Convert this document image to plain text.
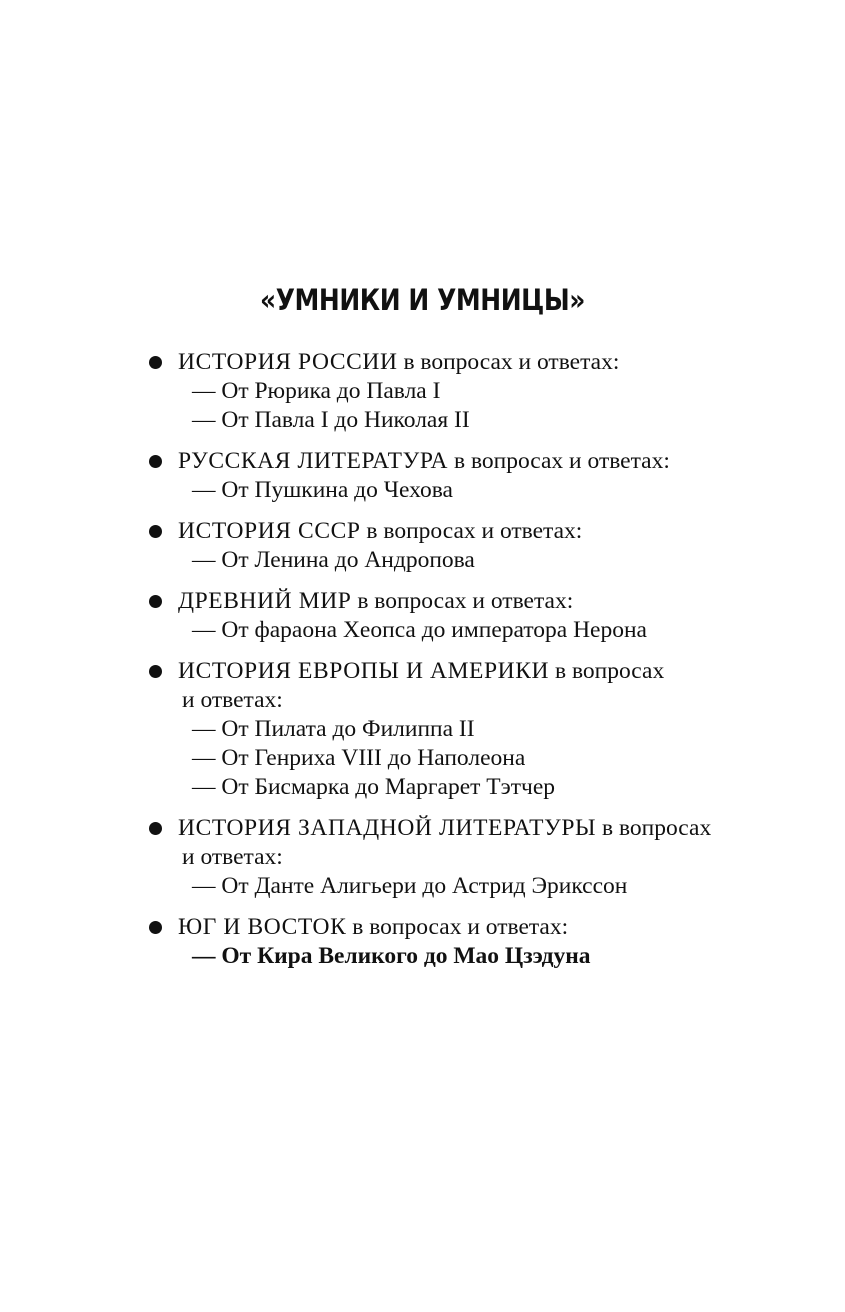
«УМНИКИ И УМНИЦЫ»
ИСТОРИЯ РОССИИ в вопросах и ответах:
— От Рюрика до Павла I
— От Павла I до Николая II
РУССКАЯ ЛИТЕРАТУРА в вопросах и ответах:
— От Пушкина до Чехова
ИСТОРИЯ СССР в вопросах и ответах:
— От Ленина до Андропова
ДРЕВНИЙ МИР в вопросах и ответах:
— От фараона Хеопса до императора Нерона
ИСТОРИЯ ЕВРОПЫ И АМЕРИКИ в вопросах
и ответах:
— От Пилата до Филиппа II
— От Генриха VIII до Наполеона
— От Бисмарка до Маргарет Тэтчер
ИСТОРИЯ ЗАПАДНОЙ ЛИТЕРАТУРЫ в вопросах
и ответах:
— От Данте Алигьери до Астрид Эрикссон
ЮГ И ВОСТОК в вопросах и ответах:
— От Кира Великого до Мао Цзэдуна
